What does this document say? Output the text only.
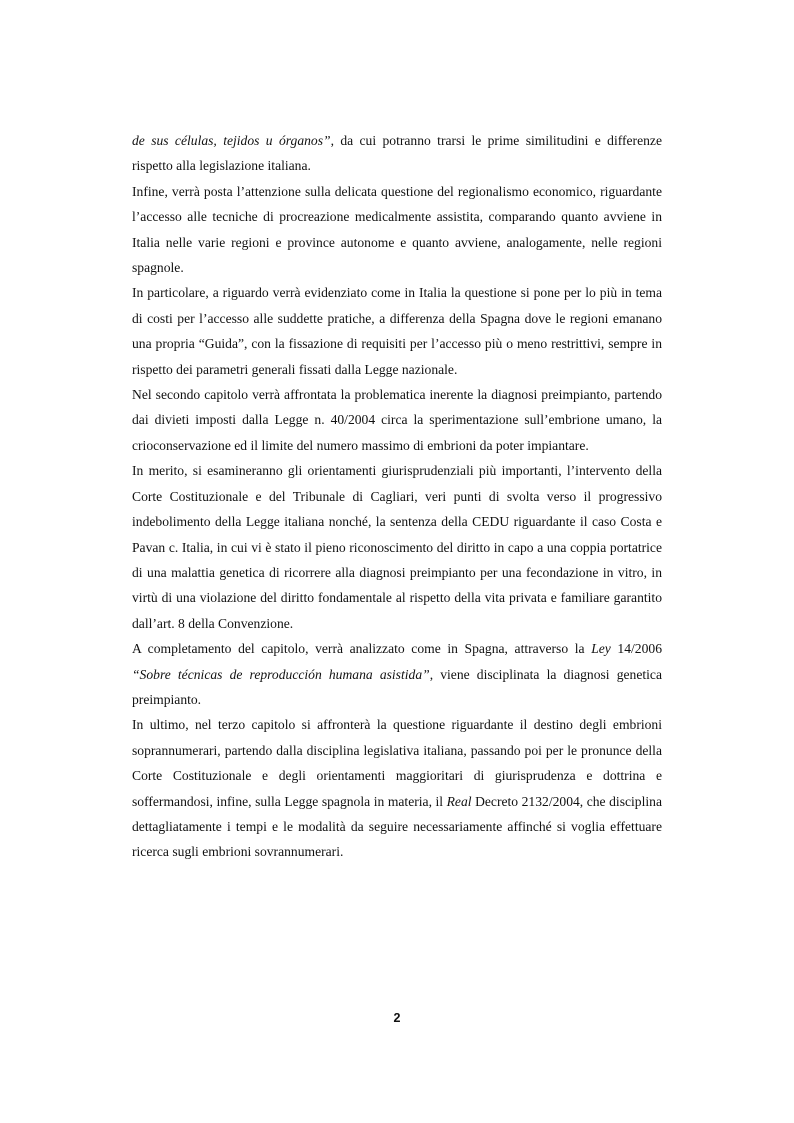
de sus células, tejidos u órganos”, da cui potranno trarsi le prime similitudini e differenze rispetto alla legislazione italiana.

Infine, verrà posta l’attenzione sulla delicata questione del regionalismo economico, riguardante l’accesso alle tecniche di procreazione medicalmente assistita, comparando quanto avviene in Italia nelle varie regioni e province autonome e quanto avviene, analogamente, nelle regioni spagnole.

In particolare, a riguardo verrà evidenziato come in Italia la questione si pone per lo più in tema di costi per l’accesso alle suddette pratiche, a differenza della Spagna dove le regioni emanano una propria “Guida”, con la fissazione di requisiti per l’accesso più o meno restrittivi, sempre in rispetto dei parametri generali fissati dalla Legge nazionale.

Nel secondo capitolo verrà affrontata la problematica inerente la diagnosi preimpianto, partendo dai divieti imposti dalla Legge n. 40/2004 circa la sperimentazione sull’embrione umano, la crioconservazione ed il limite del numero massimo di embrioni da poter impiantare.

In merito, si esamineranno gli orientamenti giurisprudenziali più importanti, l’intervento della Corte Costituzionale e del Tribunale di Cagliari, veri punti di svolta verso il progressivo indebolimento della Legge italiana nonché, la sentenza della CEDU riguardante il caso Costa e Pavan c. Italia, in cui vi è stato il pieno riconoscimento del diritto in capo a una coppia portatrice di una malattia genetica di ricorrere alla diagnosi preimpianto per una fecondazione in vitro, in virtù di una violazione del diritto fondamentale al rispetto della vita privata e familiare garantito dall’art. 8 della Convenzione.

A completamento del capitolo, verrà analizzato come in Spagna, attraverso la Ley 14/2006 “Sobre técnicas de reproducción humana asistida”, viene disciplinata la diagnosi genetica preimpianto.

In ultimo, nel terzo capitolo si affronterà la questione riguardante il destino degli embrioni soprannumerari, partendo dalla disciplina legislativa italiana, passando poi per le pronunce della Corte Costituzionale e degli orientamenti maggioritari di giurisprudenza e dottrina e soffermandosi, infine, sulla Legge spagnola in materia, il Real Decreto 2132/2004, che disciplina dettagliatamente i tempi e le modalità da seguire necessariamente affinché si voglia effettuare ricerca sugli embrioni sovrannumerari.

2
